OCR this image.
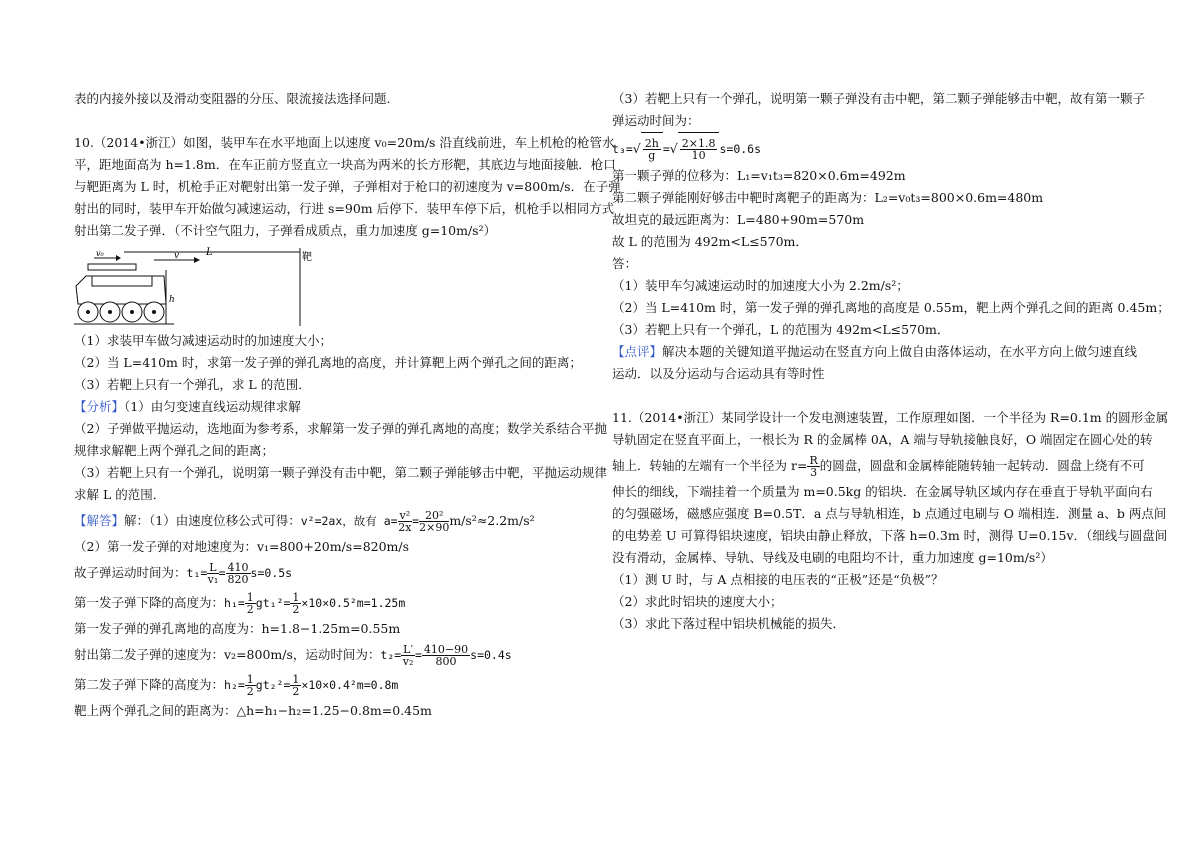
表的内接外接以及滑动变阻器的分压、限流接法选择问题.
10.（2014•浙江）如图，装甲车在水平地面上以速度 v₀=20m/s 沿直线前进，车上机枪的枪管水
平，距地面高为 h=1.8m．在车正前方竖直立一块高为两米的长方形靶，其底边与地面接触．枪口
与靶距离为 L 时，机枪手正对靶射出第一发子弹，子弹相对于枪口的初速度为 v=800m/s．在子弹
射出的同时，装甲车开始做匀减速运动，行进 s=90m 后停下．装甲车停下后，机枪手以相同方式
射出第二发子弹．（不计空气阻力，子弹看成质点，重力加速度 g=10m/s²）
L	靶
v₀	v
h
（1）求装甲车做匀减速运动时的加速度大小；
（2）当 L=410m 时，求第一发子弹的弹孔离地的高度，并计算靶上两个弹孔之间的距离；
（3）若靶上只有一个弹孔，求 L 的范围．
【分析】（1）由匀变速直线运动规律求解
（2）子弹做平抛运动，选地面为参考系，求解第一发子弹的弹孔离地的高度；数学关系结合平抛
规律求解靶上两个弹孔之间的距离；
（3）若靶上只有一个弹孔，说明第一颗子弹没有击中靶，第二颗子弹能够击中靶，平抛运动规律
求解 L 的范围．
【解答】解：（1）由速度位移公式可得：v²=2ax，故有 $a= \frac{\text{v²}}{2x} = \frac{\text{20²}}{2\times 90} m/s^2\approx 2.2m/s^2$
（2）第一发子弹的对地速度为：v₁=800+20m/s=820m/s
故子弹运动时间为：$t_1= \frac{L}{\text{v₁}} = \frac{410}{820} s=0.5s$
第一发子弹下降的高度为：$h_1= \frac{1}{2} gt_1^2= \frac{1}{2} \times 10\times 0.5^2m=1.25m$
第一发子弹的弹孔离地的高度为：h=1.8−1.25m=0.55m
射出第二发子弹的速度为：v₂=800m/s，运动时间为：$t_2= \frac{L'}{\text{v₂}} = \frac{410-90}{800} s=0.4s$
第二发子弹下降的高度为：$h_2= \frac{1}{2} gt_2^2= \frac{1}{2} \times 10\times 0.4^2m=0.8m$
靶上两个弹孔之间的距离为：△h=h₁−h₂=1.25−0.8m=0.45m
（3）若靶上只有一个弹孔，说明第一颗子弹没有击中靶，第二颗子弹能够击中靶，故有第一颗子
弹运动时间为：
$t_3=√ \frac{2h}{g}$ =√ $\frac{2\times 1.8}{10} s=0.6s$
第一颗子弹的位移为：L₁=v₁t₃=820×0.6m=492m
第二颗子弹能刚好够击中靶时离靶子的距离为：L₂=v₀t₃=800×0.6m=480m
故坦克的最远距离为：L=480+90m=570m
故 L 的范围为 492m<L≤570m．
答：
（1）装甲车匀减速运动时的加速度大小为 2.2m/s²；
（2）当 L=410m 时，第一发子弹的弹孔离地的高度是 0.55m，靶上两个弹孔之间的距离 0.45m；
（3）若靶上只有一个弹孔，L 的范围为 492m<L≤570m．
【点评】解决本题的关键知道平抛运动在竖直方向上做自由落体运动，在水平方向上做匀速直线
运动．以及分运动与合运动具有等时性
11.（2014•浙江）某同学设计一个发电测速装置，工作原理如图．一个半径为 R=0.1m 的圆形金属
导轨固定在竖直平面上，一根长为 R 的金属棒 0A，A 端与导轨接触良好，O 端固定在圆心处的转
轴上．转轴的左端有一个半径为 $r= \frac{R}{3}$ 的圆盘，圆盘和金属棒能随转轴一起转动．圆盘上绕有不可
伸长的细线，下端挂着一个质量为 m=0.5kg 的铝块．在金属导轨区域内存在垂直于导轨平面向右
的匀强磁场，磁感应强度 B=0.5T．a 点与导轨相连，b 点通过电刷与 O 端相连．测量 a、b 两点间
的电势差 U 可算得铝块速度，铝块由静止释放，下落 h=0.3m 时，测得 U=0.15v．（细线与圆盘间
没有滑动，金属棒、导轨、导线及电刷的电阻均不计，重力加速度 g=10m/s²）
（1）测 U 时，与 A 点相接的电压表的“正极”还是“负极”？
（2）求此时铝块的速度大小；
（3）求此下落过程中铝块机械能的损失．
